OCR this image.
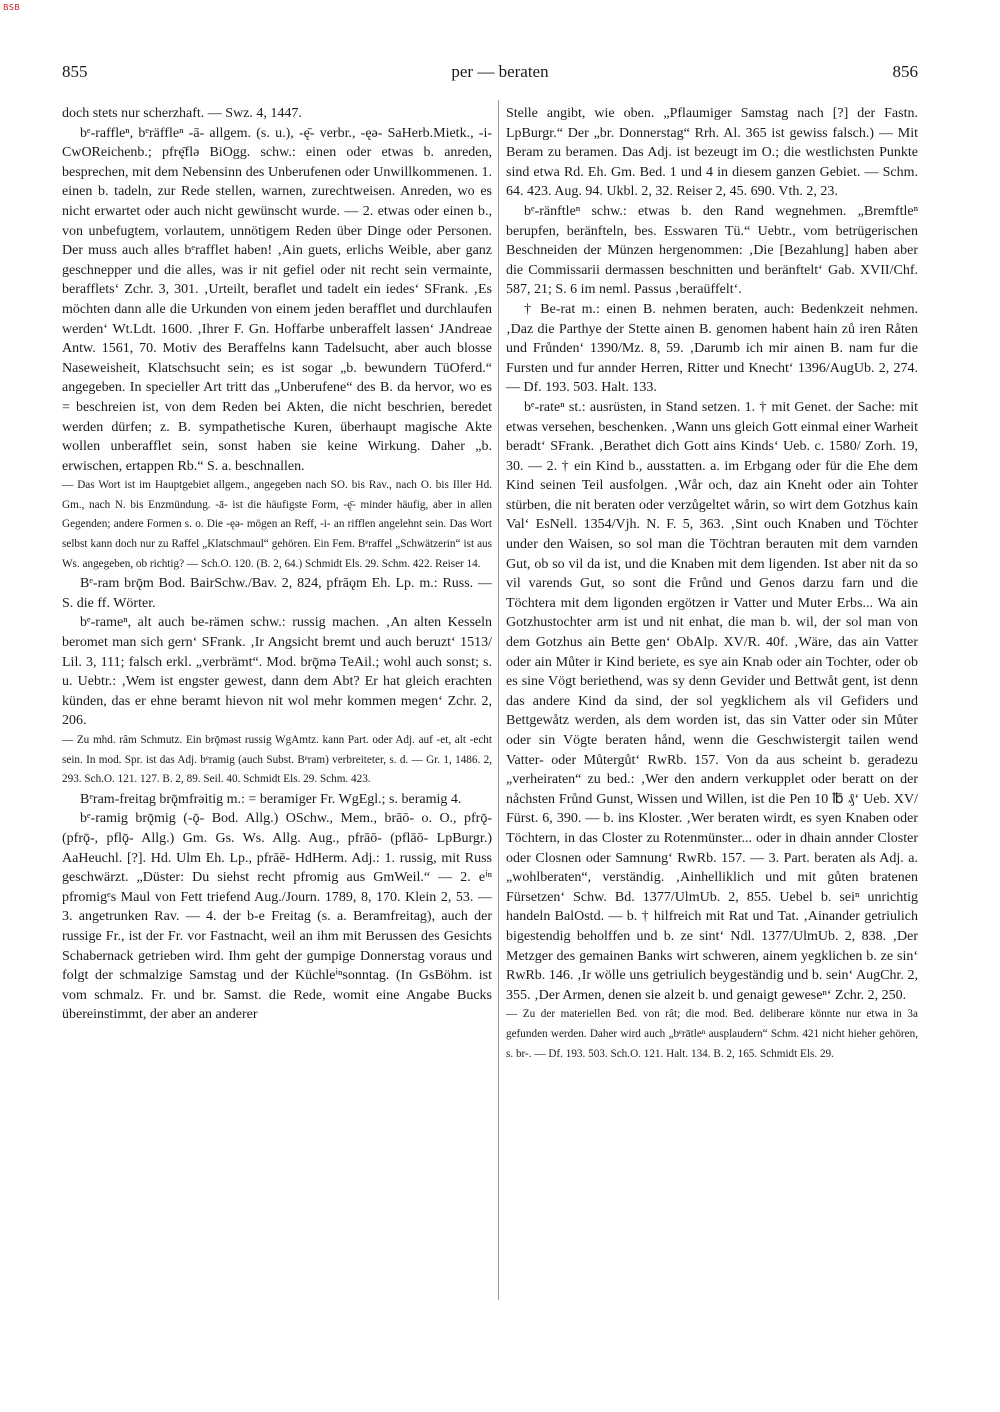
BSB
855	per — beraten	856

doch stets nur scherzhaft. — Swz. 4, 1447.

bᵉ-raffleⁿ, bᵉräffleⁿ -ā- allgem. (s. u.), -ę̄- verbr., -ęə- SaHerb.Mietk., -i- CwOReichenb.; pfrę̄flə BiOgg. schw.: einen oder etwas b. anreden, besprechen, mit dem Nebensinn des Unberufenen oder Unwillkommenen. 1. einen b. tadeln, zur Rede stellen, warnen, zurechtweisen. Anreden, wo es nicht erwartet oder auch nicht gewünscht wurde. — 2. etwas oder einen b., von unbefugtem, vorlautem, unnötigem Reden über Dinge oder Personen. Der muss auch alles bᵉrafflet haben! ‚Ain guets, erlichs Weible, aber ganz geschnepper und die alles, was ir nit gefiel oder nit recht sein vermainte, berafflets‘ Zchr. 3, 301. ‚Urteilt, beraflet und tadelt ein iedes‘ SFrank. ‚Es möchten dann alle die Urkunden von einem jeden berafflet und durchlaufen werden‘ Wt.Ldt. 1600. ‚Ihrer F. Gn. Hoffarbe unberaffelt lassen‘ JAndreae Antw. 1561, 70. Motiv des Beraffelns kann Tadelsucht, aber auch blosse Naseweisheit, Klatschsucht sein; es ist sogar „b. bewundern TüOferd.“ angegeben. In specieller Art tritt das „Unberufene“ des B. da hervor, wo es = beschreien ist, von dem Reden bei Akten, die nicht beschrien, beredet werden dürfen; z. B. sympathetische Kuren, überhaupt magische Akte wollen unberafflet sein, sonst haben sie keine Wirkung. Daher „b. erwischen, ertappen Rb.“ S. a. beschnallen.

— Das Wort ist im Hauptgebiet allgem., angegeben nach SO. bis Rav., nach O. bis Iller Hd. Gm., nach N. bis Enzmündung. -ā- ist die häufigste Form, -ę̄- minder häufig, aber in allen Gegenden; andere Formen s. o. Die -ęə- mögen an Reff, -i- an rifflen angelehnt sein. Das Wort selbst kann doch nur zu Raffel „Klatschmaul“ gehören. Ein Fem. Bᵉraffel „Schwätzerin“ ist aus Ws. angegeben, ob richtig? — Sch.O. 120. (B. 2, 64.) Schmidt Els. 29. Schm. 422. Reiser 14.

Bᵉ-ram brǭm Bod. BairSchw./Bav. 2, 824, pfrāǫm Eh. Lp. m.: Russ. — S. die ff. Wörter.

bᵉ-rameⁿ, alt auch be-rämen schw.: russig machen. ‚An alten Kesseln beromet man sich gern‘ SFrank. ‚Ir Angsicht bremt und auch beruzt‘ 1513/ Lil. 3, 111; falsch erkl. „verbrämt“. Mod. brǭmə TeAil.; wohl auch sonst; s. u. Uebtr.: ‚Wem ist engster gewest, dann dem Abt? Er hat gleich erachten künden, das er ehne beramt hievon nit wol mehr kommen megen‘ Zchr. 2, 206.

— Zu mhd. râm Schmutz. Ein brǭməst russig WgAmtz. kann Part. oder Adj. auf -et, alt -echt sein. In mod. Spr. ist das Adj. bᵉramig (auch Subst. Bᵉram) verbreiteter, s. d. — Gr. 1, 1486. 2, 293. Sch.O. 121. 127. B. 2, 89. Seil. 40. Schmidt Els. 29. Schm. 423.

Bᵉram-freitag brǭmfrəitig m.: = beramiger Fr. WgEgl.; s. beramig 4.

bᵉ-ramig brǭmig (-ǭ- Bod. Allg.) OSchw., Mem., brāō- o. O., pfrǭ- (pfrǭ-, pflǭ- Allg.) Gm. Gs. Ws. Allg. Aug., pfrāō- (pflāō- LpBurgr.) AaHeuchl. [?]. Hd. Ulm Eh. Lp., pfrāē- HdHerm. Adj.: 1. russig, mit Russ geschwärzt. „Düster: Du siehst recht pfromig aus GmWeil.“ — 2. eⁱⁿ pfromigᵉs Maul von Fett triefend Aug./Journ. 1789, 8, 170. Klein 2, 53. — 3. angetrunken Rav. — 4. der b-e Freitag (s. a. Beramfreitag), auch der russige Fr., ist der Fr. vor Fastnacht, weil an ihm mit Berussen des Gesichts Schabernack getrieben wird. Ihm geht der gumpige Donnerstag voraus und folgt der schmalzige Samstag und der Küchleⁱⁿsonntag. (In GsBöhm. ist vom schmalz. Fr. und br. Samst. die Rede, womit eine Angabe Bucks übereinstimmt, der aber an anderer

Stelle angibt, wie oben. „Pflaumiger Samstag nach [?] der Fastn. LpBurgr.“ Der „br. Donnerstag“ Rrh. Al. 365 ist gewiss falsch.) — Mit Beram zu beramen. Das Adj. ist bezeugt im O.; die westlichsten Punkte sind etwa Rd. Eh. Gm. Bed. 1 und 4 in diesem ganzen Gebiet. — Schm. 64. 423. Aug. 94. Ukbl. 2, 32. Reiser 2, 45. 690. Vth. 2, 23.

bᵉ-ränftleⁿ schw.: etwas b. den Rand wegnehmen. „Bremftleⁿ berupfen, beränfteln, bes. Esswaren Tü.“ Uebtr., vom betrügerischen Beschneiden der Münzen hergenommen: ‚Die [Bezahlung] haben aber die Commissarii dermassen beschnitten und beränftelt‘ Gab. XVII/Chf. 587, 21; S. 6 im neml. Passus ‚beraüffelt‘.

† Be-rat m.: einen B. nehmen beraten, auch: Bedenkzeit nehmen. ‚Daz die Parthye der Stette ainen B. genomen habent hain zů iren Råten und Frůnden‘ 1390/Mz. 8, 59. ‚Darumb ich mir ainen B. nam fur die Fursten und fur annder Herren, Ritter und Knecht‘ 1396/AugUb. 2, 274. — Df. 193. 503. Halt. 133.

bᵉ-rateⁿ st.: ausrüsten, in Stand setzen. 1. † mit Genet. der Sache: mit etwas versehen, beschenken. ‚Wann uns gleich Gott einmal einer Warheit beradt‘ SFrank. ‚Berathet dich Gott ains Kinds‘ Ueb. c. 1580/ Zorh. 19, 30. — 2. † ein Kind b., ausstatten. a. im Erbgang oder für die Ehe dem Kind seinen Teil ausfolgen. ‚Wår och, daz ain Kneht oder ain Tohter stürben, die nit beraten oder verzůgeltet wårin, so wirt dem Gotzhus kain Val‘ EsNell. 1354/Vjh. N. F. 5, 363. ‚Sint ouch Knaben und Töchter under den Waisen, so sol man die Töchtran berauten mit dem varnden Gut, ob so vil da ist, und die Knaben mit dem ligenden. Ist aber nit da so vil varends Gut, so sont die Frůnd und Genos darzu farn und die Töchtera mit dem ligonden ergötzen ir Vatter und Muter Erbs... Wa ain Gotzhustochter arm ist und nit enhat, die man b. wil, der sol man von dem Gotzhus ain Bette gen‘ ObAlp. XV/R. 40f. ‚Wäre, das ain Vatter oder ain Můter ir Kind beriete, es sye ain Knab oder ain Tochter, oder ob es sine Vögt beriethend, was sy denn Gevider und Bettwåt gent, ist denn das andere Kind da sind, der sol yegklichem als vil Gefiders und Bettgewåtz werden, als dem worden ist, das sin Vatter oder sin Můter oder sin Vögte beraten hånd, wenn die Geschwistergit tailen wend Vatter- oder Můtergůt‘ RwRb. 157. Von da aus scheint b. geradezu „verheiraten“ zu bed.: ‚Wer den andern verkupplet oder beratt on der nåchsten Frůnd Gunst, Wissen und Willen, ist die Pen 10 ℔ ₰‘ Ueb. XV/ Fürst. 6, 390. — b. ins Kloster. ‚Wer beraten wirdt, es syen Knaben oder Töchtern, in das Closter zu Rotenmünster... oder in dhain annder Closter oder Closnen oder Samnung‘ RwRb. 157. — 3. Part. beraten als Adj. a. „wohlberaten“, verständig. ‚Ainhelliklich und mit gůten bratenen Fürsetzen‘ Schw. Bd. 1377/UlmUb. 2, 855. Uebel b. seiⁿ unrichtig handeln BalOstd. — b. † hilfreich mit Rat und Tat. ‚Ainander getriulich bigestendig beholffen und b. ze sint‘ Ndl. 1377/UlmUb. 2, 838. ‚Der Metzger des gemainen Banks wirt schweren, ainem yegklichen b. ze sin‘ RwRb. 146. ‚Ir wölle uns getriulich beygeständig und b. sein‘ AugChr. 2, 355. ‚Der Armen, denen sie alzeit b. und genaigt geweseⁿ‘ Zchr. 2, 250.

— Zu der materiellen Bed. von rât; die mod. Bed. deliberare könnte nur etwa in 3a gefunden werden. Daher wird auch „bᵉrātleⁿ ausplaudern“ Schm. 421 nicht hieher gehören, s. br-. — Df. 193. 503. Sch.O. 121. Halt. 134. B. 2, 165. Schmidt Els. 29.
